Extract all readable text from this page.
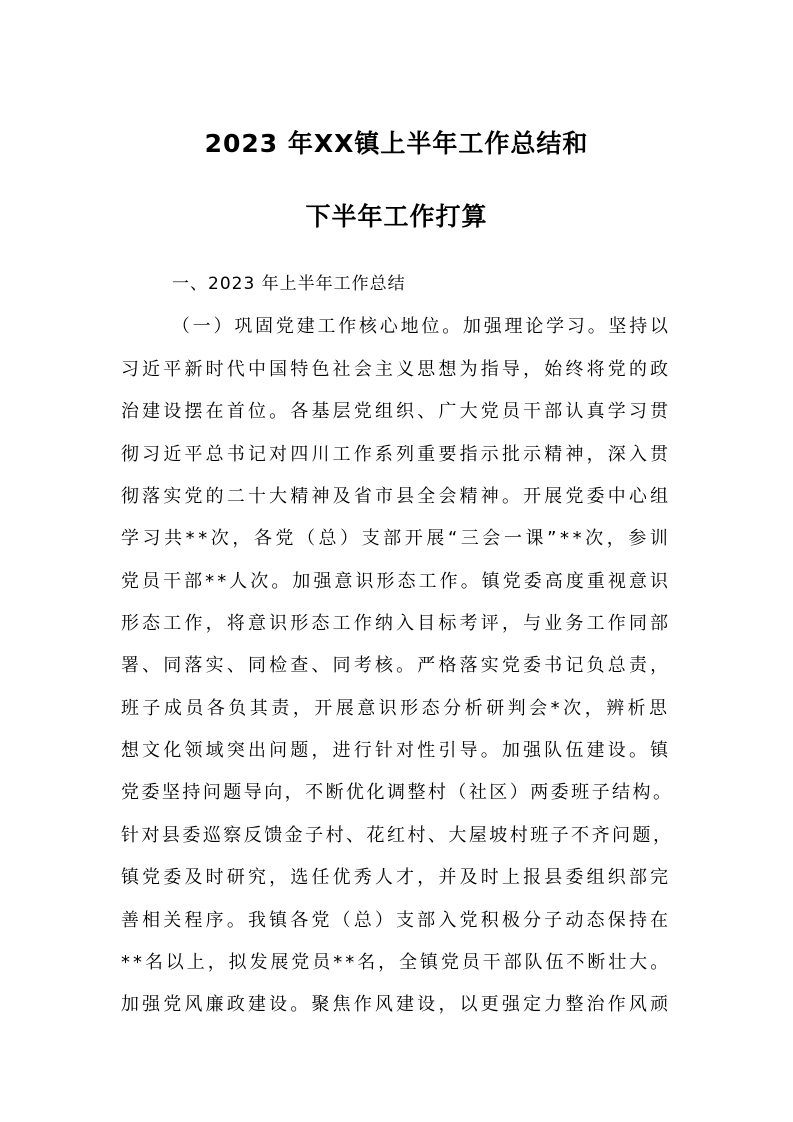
2023 年XX镇上半年工作总结和
下半年工作打算
一、2023 年上半年工作总结
（一）巩固党建工作核心地位。加强理论学习。坚持以
习近平新时代中国特色社会主义思想为指导，始终将党的政
治建设摆在首位。各基层党组织、广大党员干部认真学习贯
彻习近平总书记对四川工作系列重要指示批示精神，深入贯
彻落实党的二十大精神及省市县全会精神。开展党委中心组
学习共**次，各党（总）支部开展“三会一课”**次，参训
党员干部**人次。加强意识形态工作。镇党委高度重视意识
形态工作，将意识形态工作纳入目标考评，与业务工作同部
署、同落实、同检查、同考核。严格落实党委书记负总责，
班子成员各负其责，开展意识形态分析研判会*次，辨析思
想文化领域突出问题，进行针对性引导。加强队伍建设。镇
党委坚持问题导向，不断优化调整村（社区）两委班子结构。
针对县委巡察反馈金子村、花红村、大屋坡村班子不齐问题，
镇党委及时研究，选任优秀人才，并及时上报县委组织部完
善相关程序。我镇各党（总）支部入党积极分子动态保持在
**名以上，拟发展党员**名，全镇党员干部队伍不断壮大。
加强党风廉政建设。聚焦作风建设，以更强定力整治作风顽
